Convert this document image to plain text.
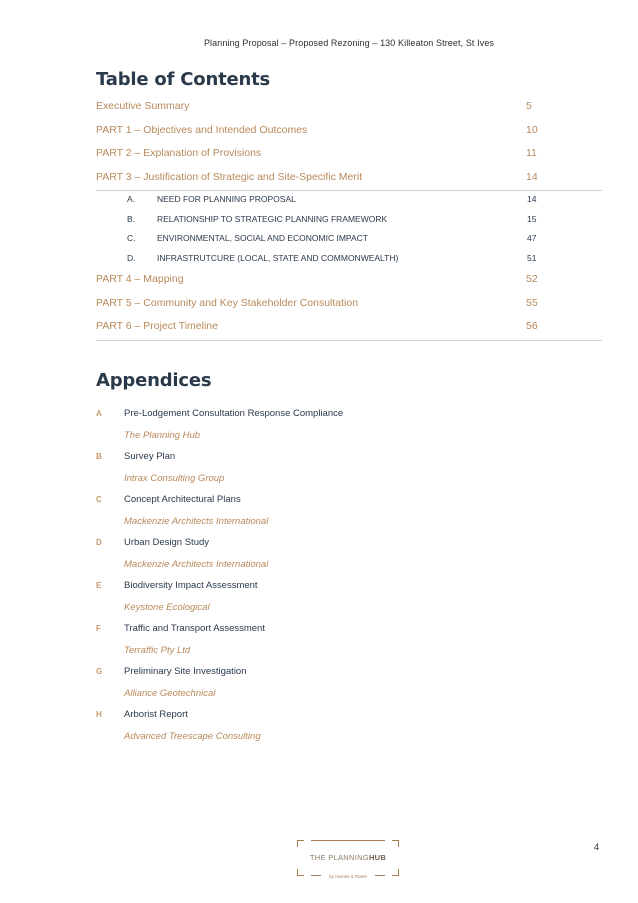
Planning Proposal – Proposed Rezoning – 130 Killeaton Street, St Ives
Table of Contents
Executive Summary	5
PART 1 – Objectives and Intended Outcomes	10
PART 2 – Explanation of Provisions	11
PART 3 – Justification of Strategic and Site-Specific Merit	14
A.	NEED FOR PLANNING PROPOSAL	14
B.	RELATIONSHIP TO STRATEGIC PLANNING FRAMEWORK	15
C.	ENVIRONMENTAL, SOCIAL AND ECONOMIC IMPACT	47
D.	INFRASTRUTCURE (LOCAL, STATE AND COMMONWEALTH)	51
PART 4 – Mapping	52
PART 5 – Community and Key Stakeholder Consultation	55
PART 6 – Project Timeline	56
Appendices
A Pre-Lodgement Consultation Response Compliance
The Planning Hub
B Survey Plan
Intrax Consulting Group
C Concept Architectural Plans
Mackenzie Architects International
D Urban Design Study
Mackenzie Architects International
E Biodiversity Impact Assessment
Keystone Ecological
F Traffic and Transport Assessment
Terraffic Pty Ltd
G Preliminary Site Investigation
Alliance Geotechnical
H Arborist Report
Advanced Treescape Consulting
THE PLANNINGHUB
by Hamlet & Rome
4
